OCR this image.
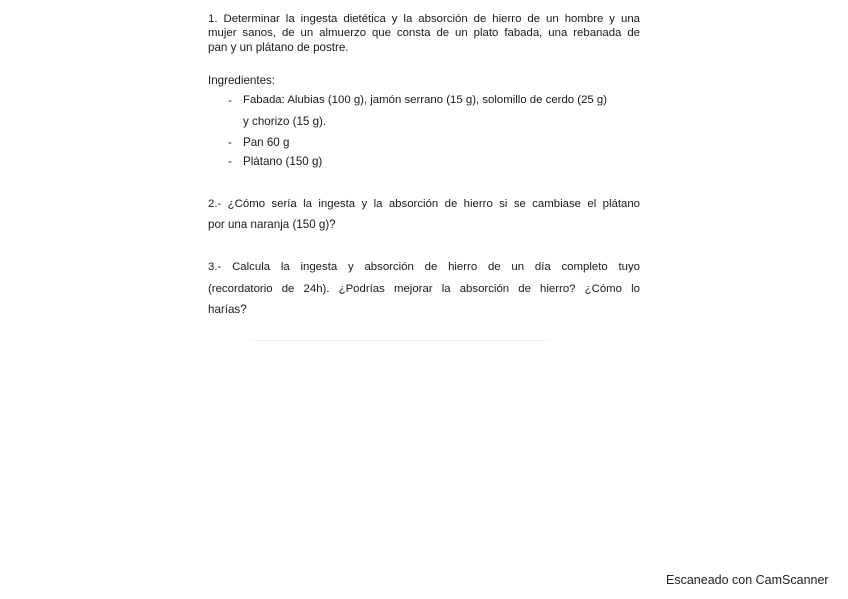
1. Determinar la ingesta dietética y la absorción de hierro de un hombre y una
mujer sanos, de un almuerzo que consta de un plato fabada, una rebanada de
pan y un plátano de postre.
Ingredientes:
- Fabada: Alubias (100 g), jamón serrano (15 g), solomillo de cerdo (25 g)
y chorizo (15 g).
- Pan 60 g
- Plátano (150 g)
2.- ¿Cómo sería la ingesta y la absorción de hierro si se cambiase el plátano
por una naranja (150 g)?
3.- Calcula la ingesta y absorción de hierro de un día completo tuyo
(recordatorio de 24h). ¿Podrías mejorar la absorción de hierro? ¿Cómo lo
harías?
Escaneado con CamScanner
